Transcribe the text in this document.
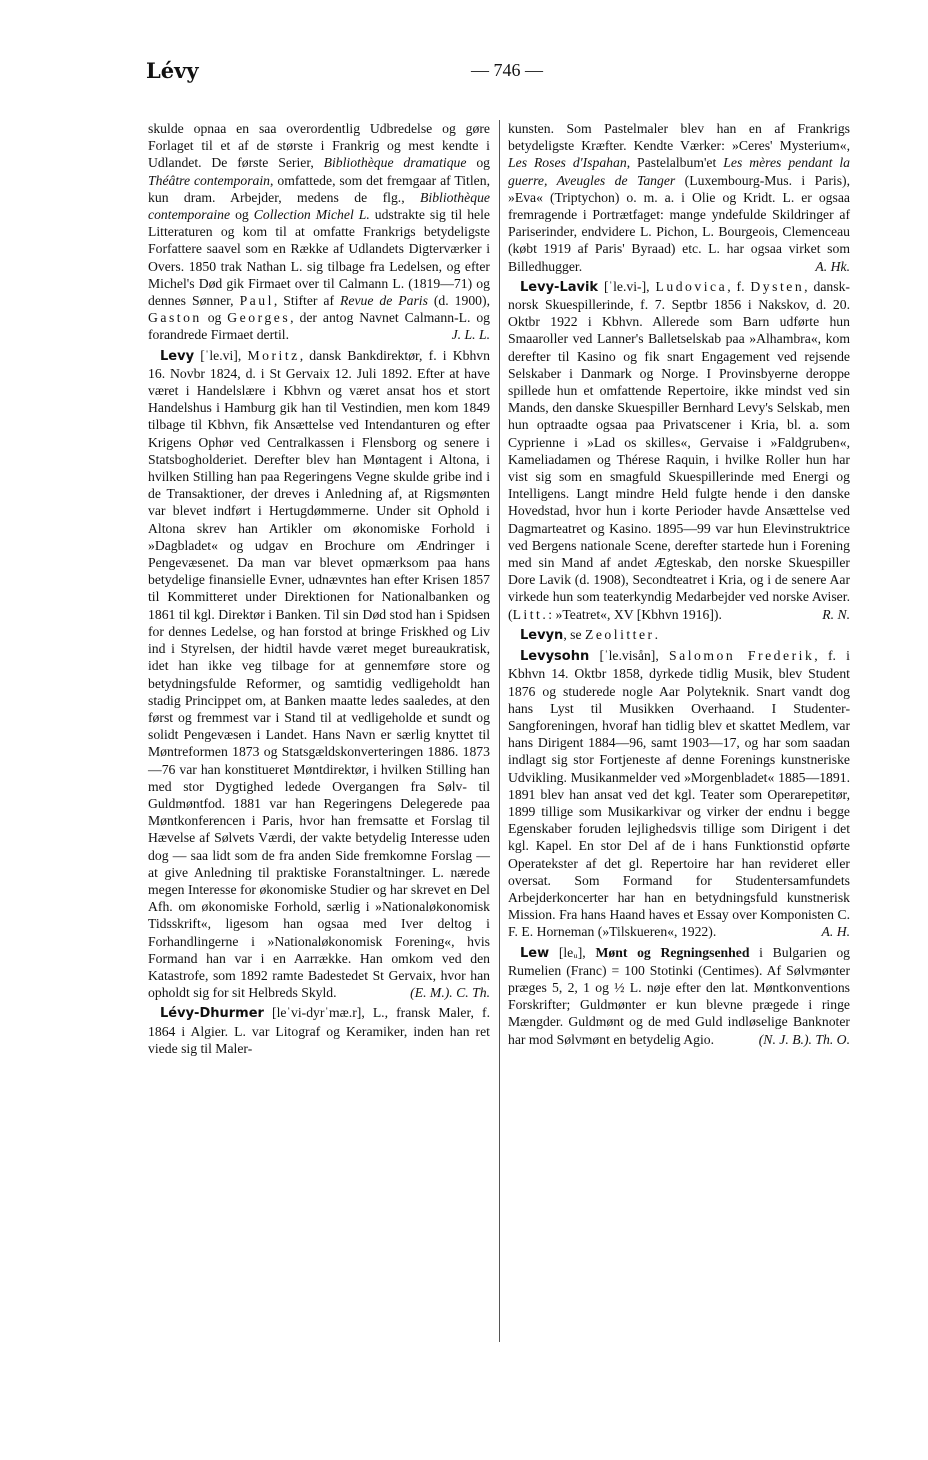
Lévy	— 746 —

skulde opnaa en saa overordentlig Udbredelse og gøre Forlaget til et af de største i Frankrig og mest kendte i Udlandet. De første Serier, Bibliothèque dramatique og Théâtre contemporain, omfattede, som det fremgaar af Titlen, kun dram. Arbejder, medens de flg., Bibliothèque contemporaine og Collection Michel L. udstrakte sig til hele Litteraturen og kom til at omfatte Frankrigs betydeligste Forfattere saavel som en Række af Udlandets Digterværker i Overs. 1850 trak Nathan L. sig tilbage fra Ledelsen, og efter Michel's Død gik Firmaet over til Calmann L. (1819—71) og dennes Sønner, Paul, Stifter af Revue de Paris (d. 1900), Gaston og Georges, der antog Navnet Calmann-L. og forandrede Firmaet dertil.	J. L. L.

Levy [ˈle.vi], Moritz, dansk Bankdirektør, f. i Kbhvn 16. Novbr 1824, d. i St Gervaix 12. Juli 1892. Efter at have været i Handelslære i Kbhvn og været ansat hos et stort Handelshus i Hamburg gik han til Vestindien, men kom 1849 tilbage til Kbhvn, fik Ansættelse ved Intendanturen og efter Krigens Ophør ved Centralkassen i Flensborg og senere i Statsbogholderiet. Derefter blev han Møntagent i Altona, i hvilken Stilling han paa Regeringens Vegne skulde gribe ind i de Transaktioner, der dreves i Anledning af, at Rigsmønten var blevet indført i Hertugdømmerne. Under sit Ophold i Altona skrev han Artikler om økonomiske Forhold i »Dagbladet« og udgav en Brochure om Ændringer i Pengevæsenet. Da man var blevet opmærksom paa hans betydelige finansielle Evner, udnævntes han efter Krisen 1857 til Kommitteret under Direktionen for Nationalbanken og 1861 til kgl. Direktør i Banken. Til sin Død stod han i Spidsen for dennes Ledelse, og han forstod at bringe Friskhed og Liv ind i Styrelsen, der hidtil havde været meget bureaukratisk, idet han ikke veg tilbage for at gennemføre store og betydningsfulde Reformer, og samtidig vedligeholdt han stadig Princippet om, at Banken maatte ledes saaledes, at den først og fremmest var i Stand til at vedligeholde et sundt og solidt Pengevæsen i Landet. Hans Navn er særlig knyttet til Møntreformen 1873 og Statsgældskonverteringen 1886. 1873—76 var han konstitueret Møntdirektør, i hvilken Stilling han med stor Dygtighed ledede Overgangen fra Sølv- til Guldmøntfod. 1881 var han Regeringens Delegerede paa Møntkonferencen i Paris, hvor han fremsatte et Forslag til Hævelse af Sølvets Værdi, der vakte betydelig Interesse uden dog — saa lidt som de fra anden Side fremkomne Forslag — at give Anledning til praktiske Foranstaltninger. L. nærede megen Interesse for økonomiske Studier og har skrevet en Del Afh. om økonomiske Forhold, særlig i »Nationaløkonomisk Tidsskrift«, ligesom han ogsaa med Iver deltog i Forhandlingerne i »Nationaløkonomisk Forening«, hvis Formand han var i en Aarrække. Han omkom ved den Katastrofe, som 1892 ramte Badestedet St Gervaix, hvor han opholdt sig for sit Helbreds Skyld.	(E. M.). C. Th.

Lévy-Dhurmer [leˈvi-dyrˈmæ.r], L., fransk Maler, f. 1864 i Algier. L. var Litograf og Keramiker, inden han ret viede sig til Maler-

kunsten. Som Pastelmaler blev han en af Frankrigs betydeligste Kræfter. Kendte Værker: »Ceres' Mysterium«, Les Roses d'Ispahan, Pastelalbum'et Les mères pendant la guerre, Aveugles de Tanger (Luxembourg-Mus. i Paris), »Eva« (Triptychon) o. m. a. i Olie og Kridt. L. er ogsaa fremragende i Portrætfaget: mange yndefulde Skildringer af Pariserinder, endvidere L. Pichon, L. Bourgeois, Clemenceau (købt 1919 af Paris' Byraad) etc. L. har ogsaa virket som Billedhugger.	A. Hk.

Levy-Lavik [ˈle.vi-], Ludovica, f. Dysten, dansk-norsk Skuespillerinde, f. 7. Septbr 1856 i Nakskov, d. 20. Oktbr 1922 i Kbhvn. Allerede som Barn udførte hun Smaaroller ved Lanner's Balletselskab paa »Alhambra«, kom derefter til Kasino og fik snart Engagement ved rejsende Selskaber i Danmark og Norge. I Provinsbyerne deroppe spillede hun et omfattende Repertoire, ikke mindst ved sin Mands, den danske Skuespiller Bernhard Levy's Selskab, men hun optraadte ogsaa paa Privatscener i Kria, bl. a. som Cyprienne i »Lad os skilles«, Gervaise i »Faldgruben«, Kameliadamen og Thérese Raquin, i hvilke Roller hun har vist sig som en smagfuld Skuespillerinde med Energi og Intelligens. Langt mindre Held fulgte hende i den danske Hovedstad, hvor hun i korte Perioder havde Ansættelse ved Dagmarteatret og Kasino. 1895—99 var hun Elevinstruktrice ved Bergens nationale Scene, derefter startede hun i Forening med sin Mand af andet Ægteskab, den norske Skuespiller Dore Lavik (d. 1908), Secondteatret i Kria, og i de senere Aar virkede hun som teaterkyndig Medarbejder ved norske Aviser. (Litt.: »Teatret«, XV [Kbhvn 1916]).	R. N.

Levyn, se Zeolitter.

Levysohn [ˈle.visån], Salomon Frederik, f. i Kbhvn 14. Oktbr 1858, dyrkede tidlig Musik, blev Student 1876 og studerede nogle Aar Polyteknik. Snart vandt dog hans Lyst til Musikken Overhaand. I Studenter-Sangforeningen, hvoraf han tidlig blev et skattet Medlem, var hans Dirigent 1884—96, samt 1903—17, og har som saadan indlagt sig stor Fortjeneste af denne Forenings kunstneriske Udvikling. Musikanmelder ved »Morgenbladet« 1885—1891. 1891 blev han ansat ved det kgl. Teater som Operarepetitør, 1899 tillige som Musikarkivar og virker der endnu i begge Egenskaber foruden lejlighedsvis tillige som Dirigent i det kgl. Kapel. En stor Del af de i hans Funktionstid opførte Operatekster af det gl. Repertoire har han revideret eller oversat. Som Formand for Studentersamfundets Arbejderkoncerter har han en betydningsfuld kunstnerisk Mission. Fra hans Haand haves et Essay over Komponisten C. F. E. Horneman (»Tilskueren«, 1922).	A. H.

Lew [leᵤ], Mønt og Regningsenhed i Bulgarien og Rumelien (Franc) = 100 Stotinki (Centimes). Af Sølvmønter præges 5, 2, 1 og ½ L. nøje efter den lat. Møntkonventions Forskrifter; Guldmønter er kun blevne prægede i ringe Mængder. Guldmønt og de med Guld indløselige Banknoter har mod Sølvmønt en betydelig Agio.	(N. J. B.). Th. O.
